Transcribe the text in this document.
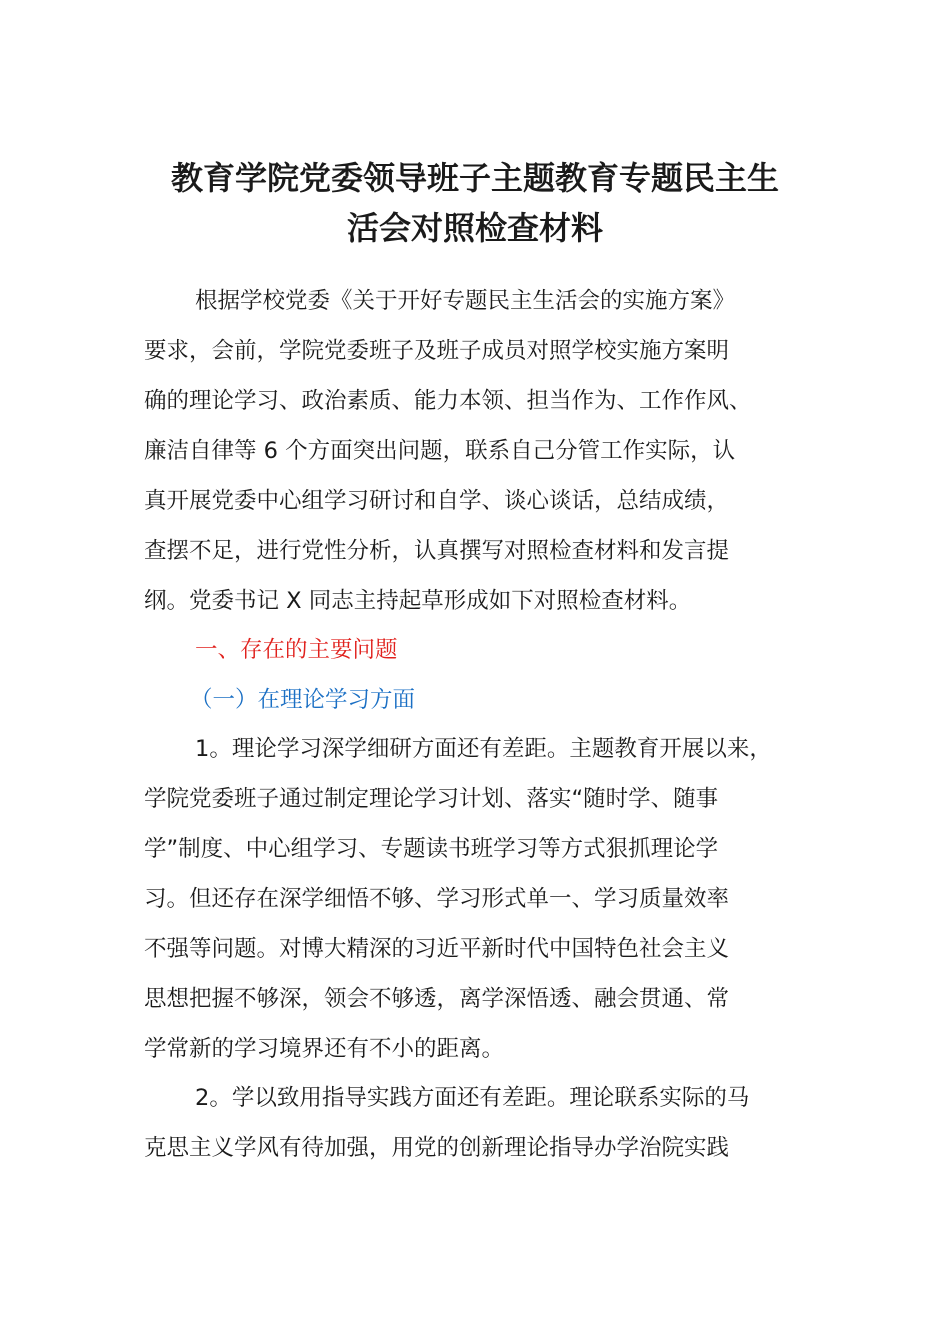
教育学院党委领导班子主题教育专题民主生
活会对照检查材料
根据学校党委《关于开好专题民主生活会的实施方案》
要求，会前，学院党委班子及班子成员对照学校实施方案明
确的理论学习、政治素质、能力本领、担当作为、工作作风、
廉洁自律等 6 个方面突出问题，联系自己分管工作实际，认
真开展党委中心组学习研讨和自学、谈心谈话，总结成绩，
查摆不足，进行党性分析，认真撰写对照检查材料和发言提
纲。党委书记 X 同志主持起草形成如下对照检查材料。
一、存在的主要问题
（一）在理论学习方面
1。理论学习深学细研方面还有差距。主题教育开展以来，
学院党委班子通过制定理论学习计划、落实“随时学、随事
学”制度、中心组学习、专题读书班学习等方式狠抓理论学
习。但还存在深学细悟不够、学习形式单一、学习质量效率
不强等问题。对博大精深的习近平新时代中国特色社会主义
思想把握不够深，领会不够透，离学深悟透、融会贯通、常
学常新的学习境界还有不小的距离。
2。学以致用指导实践方面还有差距。理论联系实际的马
克思主义学风有待加强，用党的创新理论指导办学治院实践
